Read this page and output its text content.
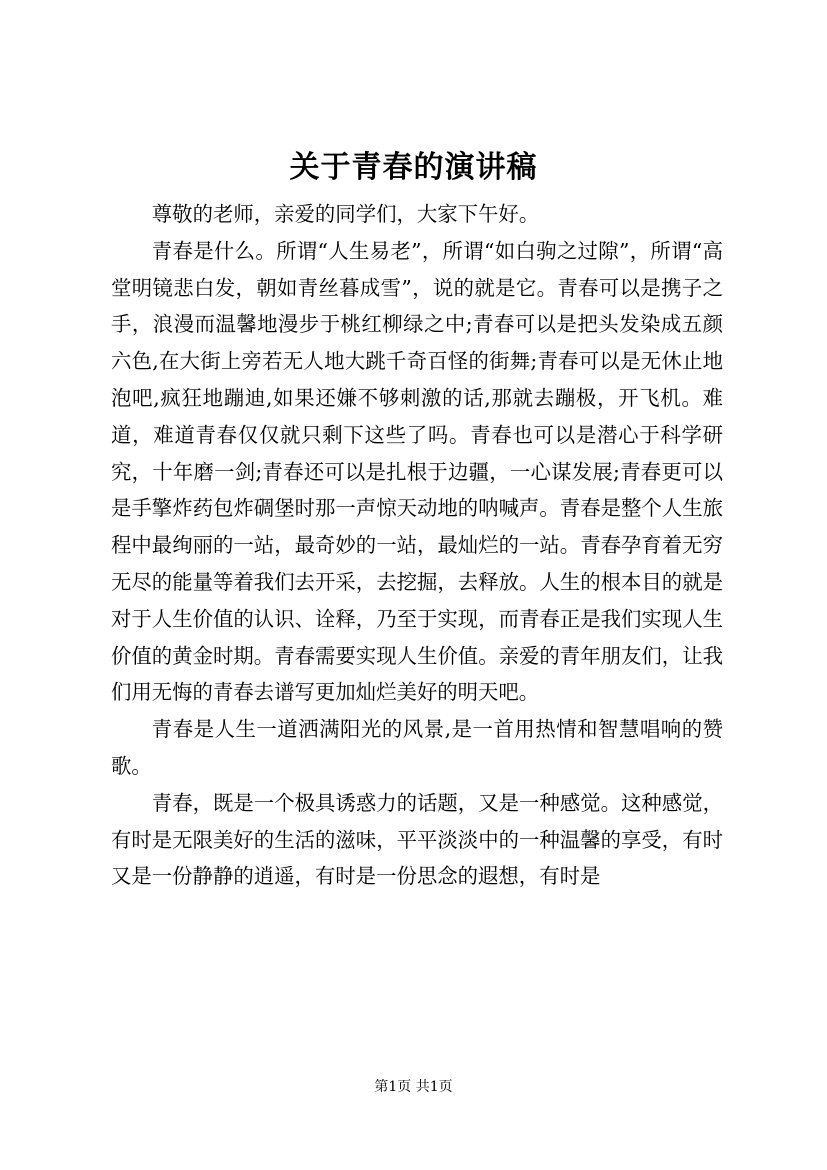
关于青春的演讲稿

尊敬的老师，亲爱的同学们，大家下午好。

青春是什么。所谓“人生易老”，所谓“如白驹之过隙”，所谓“高堂明镜悲白发，朝如青丝暮成雪”，说的就是它。青春可以是携子之手，浪漫而温馨地漫步于桃红柳绿之中;青春可以是把头发染成五颜六色,在大街上旁若无人地大跳千奇百怪的街舞;青春可以是无休止地泡吧,疯狂地蹦迪,如果还嫌不够刺激的话,那就去蹦极，开飞机。难道，难道青春仅仅就只剩下这些了吗。青春也可以是潜心于科学研究，十年磨一剑;青春还可以是扎根于边疆，一心谋发展;青春更可以是手擎炸药包炸碉堡时那一声惊天动地的呐喊声。青春是整个人生旅程中最绚丽的一站，最奇妙的一站，最灿烂的一站。青春孕育着无穷无尽的能量等着我们去开采，去挖掘，去释放。人生的根本目的就是对于人生价值的认识、诠释，乃至于实现，而青春正是我们实现人生价值的黄金时期。青春需要实现人生价值。亲爱的青年朋友们，让我们用无悔的青春去谱写更加灿烂美好的明天吧。

青春是人生一道洒满阳光的风景,是一首用热情和智慧唱响的赞歌。

青春，既是一个极具诱惑力的话题，又是一种感觉。这种感觉，有时是无限美好的生活的滋味，平平淡淡中的一种温馨的享受，有时又是一份静静的逍遥，有时是一份思念的遐想，有时是

第1页 共1页
